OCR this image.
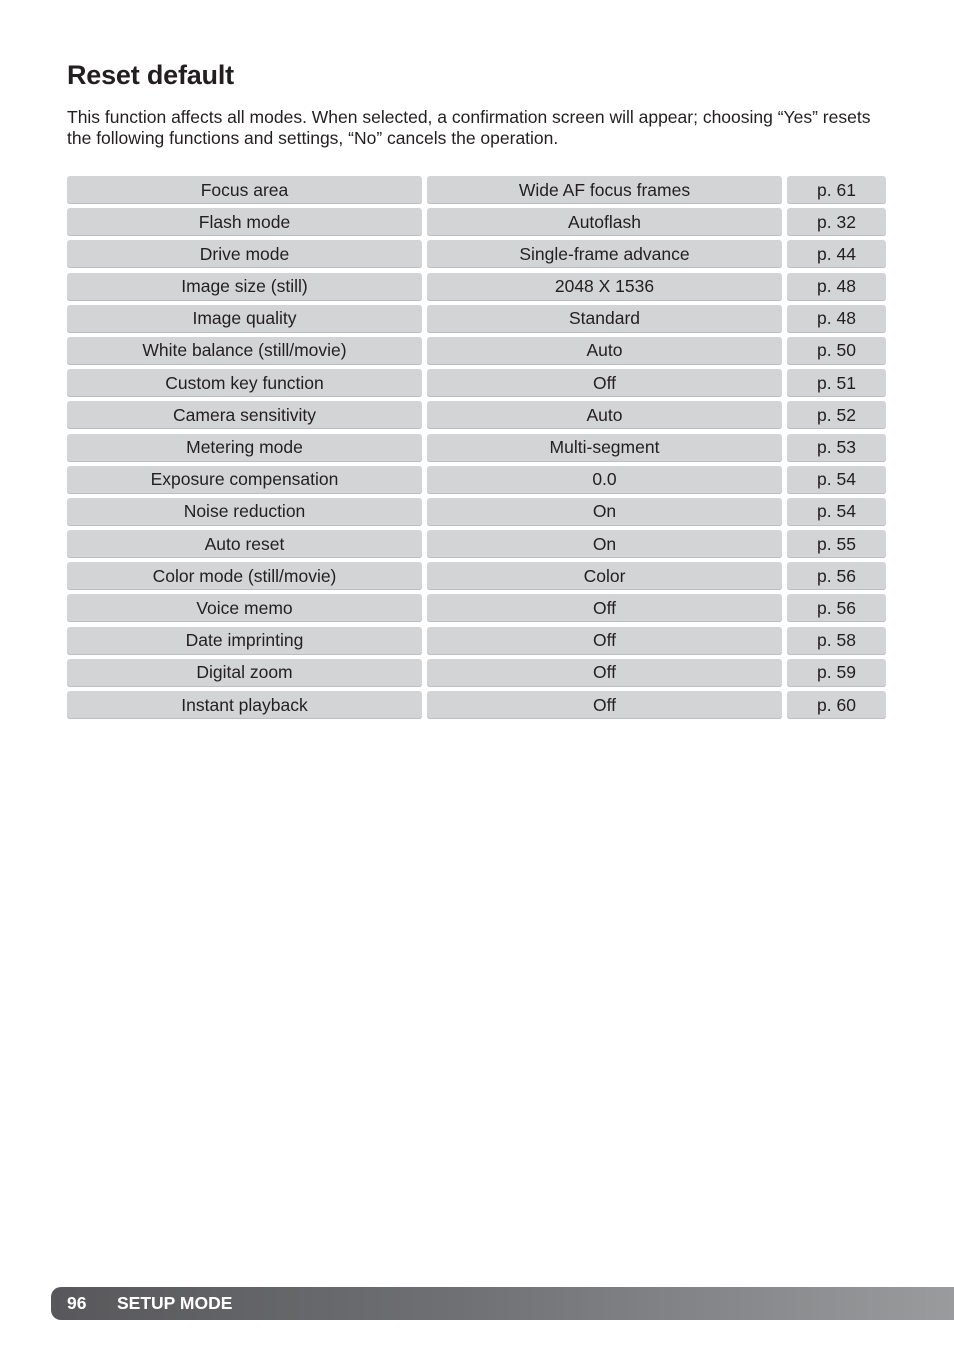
Reset default

This function affects all modes. When selected, a confirmation screen will appear; choosing “Yes” resets the following functions and settings, “No” cancels the operation.

Focus area	Wide AF focus frames	p. 61
Flash mode	Autoflash	p. 32
Drive mode	Single-frame advance	p. 44
Image size (still)	2048 X 1536	p. 48
Image quality	Standard	p. 48
White balance (still/movie)	Auto	p. 50
Custom key function	Off	p. 51
Camera sensitivity	Auto	p. 52
Metering mode	Multi-segment	p. 53
Exposure compensation	0.0	p. 54
Noise reduction	On	p. 54
Auto reset	On	p. 55
Color mode (still/movie)	Color	p. 56
Voice memo	Off	p. 56
Date imprinting	Off	p. 58
Digital zoom	Off	p. 59
Instant playback	Off	p. 60
96	SETUP MODE
